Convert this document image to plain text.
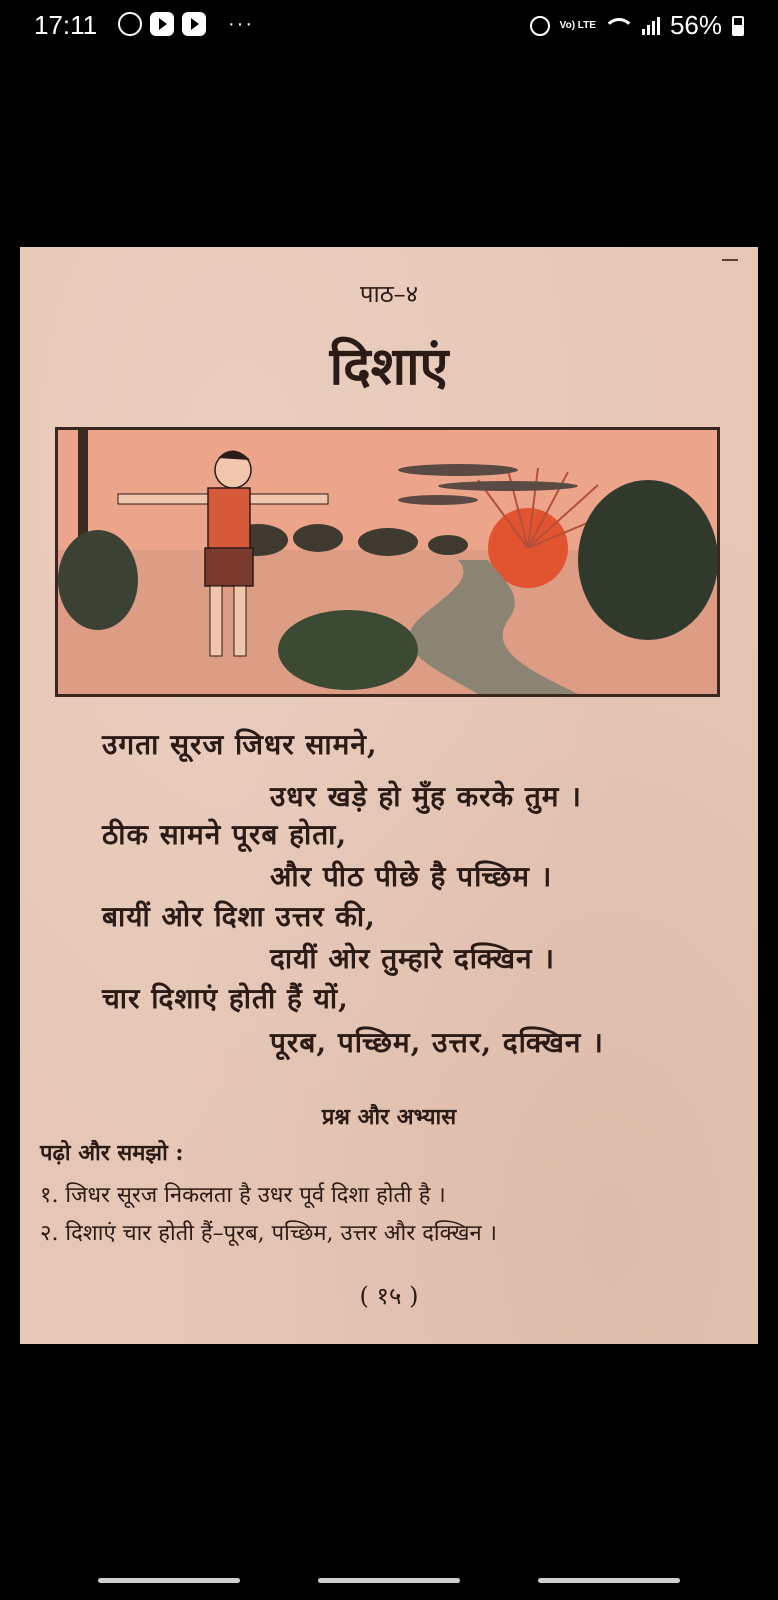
17:11	···	Vo) LTE	56%
पाठ–४
दिशाएं
उगता सूरज जिधर सामने,
उधर खड़े हो मुँह करके तुम ।
ठीक सामने पूरब होता,
और पीठ पीछे है पच्छिम ।
बायीं ओर दिशा उत्तर की,
दायीं ओर तुम्हारे दक्खिन ।
चार दिशाएं होती हैं यों,
पूरब, पच्छिम, उत्तर, दक्खिन ।
प्रश्न और अभ्यास
पढ़ो और समझो :
१. जिधर सूरज निकलता है उधर पूर्व दिशा होती है ।
२. दिशाएं चार होती हैं–पूरब, पच्छिम, उत्तर और दक्खिन ।
( १५ )
